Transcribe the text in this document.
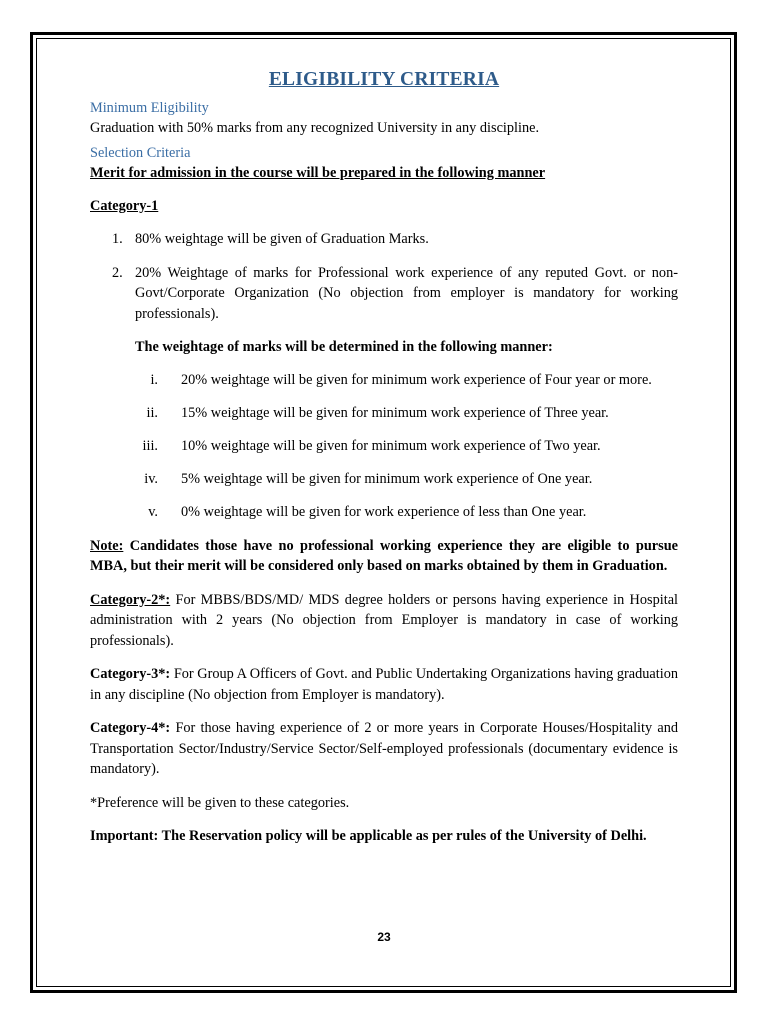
ELIGIBILITY CRITERIA

Minimum Eligibility

Graduation with 50% marks from any recognized University in any discipline.

Selection Criteria

Merit for admission in the course will be prepared in the following manner

Category-1

1. 80% weightage will be given of Graduation Marks.
2. 20% Weightage of marks for Professional work experience of any reputed Govt. or non-Govt/Corporate Organization (No objection from employer is mandatory for working professionals).

The weightage of marks will be determined in the following manner:

i. 20% weightage will be given for minimum work experience of Four year or more.
ii. 15% weightage will be given for minimum work experience of Three year.
iii. 10% weightage will be given for minimum work experience of Two year.
iv. 5% weightage will be given for minimum work experience of One year.
v. 0% weightage will be given for work experience of less than One year.

Note: Candidates those have no professional working experience they are eligible to pursue MBA, but their merit will be considered only based on marks obtained by them in Graduation.

Category-2*: For MBBS/BDS/MD/ MDS degree holders or persons having experience in Hospital administration with 2 years (No objection from Employer is mandatory in case of working professionals).

Category-3*: For Group A Officers of Govt. and Public Undertaking Organizations having graduation in any discipline (No objection from Employer is mandatory).

Category-4*: For those having experience of 2 or more years in Corporate Houses/Hospitality and Transportation Sector/Industry/Service Sector/Self-employed professionals (documentary evidence is mandatory).

*Preference will be given to these categories.

Important: The Reservation policy will be applicable as per rules of the University of Delhi.

23
